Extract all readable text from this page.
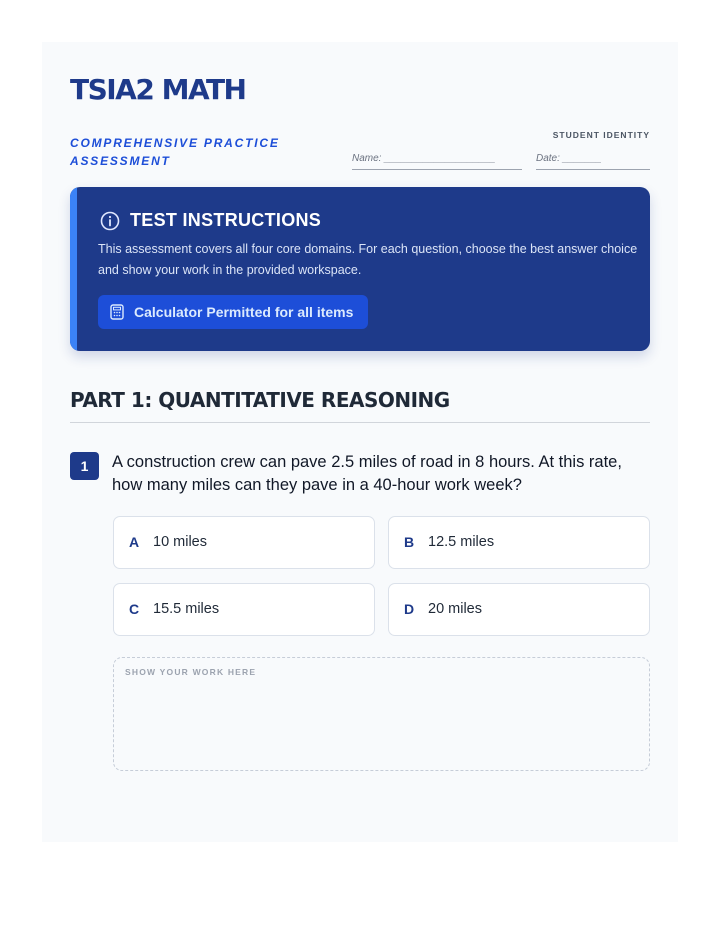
TSIA2 MATH
COMPREHENSIVE PRACTICE ASSESSMENT
STUDENT IDENTITY
Name: ____________________	Date: _______
TEST INSTRUCTIONS
This assessment covers all four core domains. For each question, choose the best answer choice and show your work in the provided workspace.
Calculator Permitted for all items
PART 1: QUANTITATIVE REASONING
1	A construction crew can pave 2.5 miles of road in 8 hours. At this rate, how many miles can they pave in a 40-hour work week?
A 10 miles	B 12.5 miles
C 15.5 miles	D 20 miles
SHOW YOUR WORK HERE
